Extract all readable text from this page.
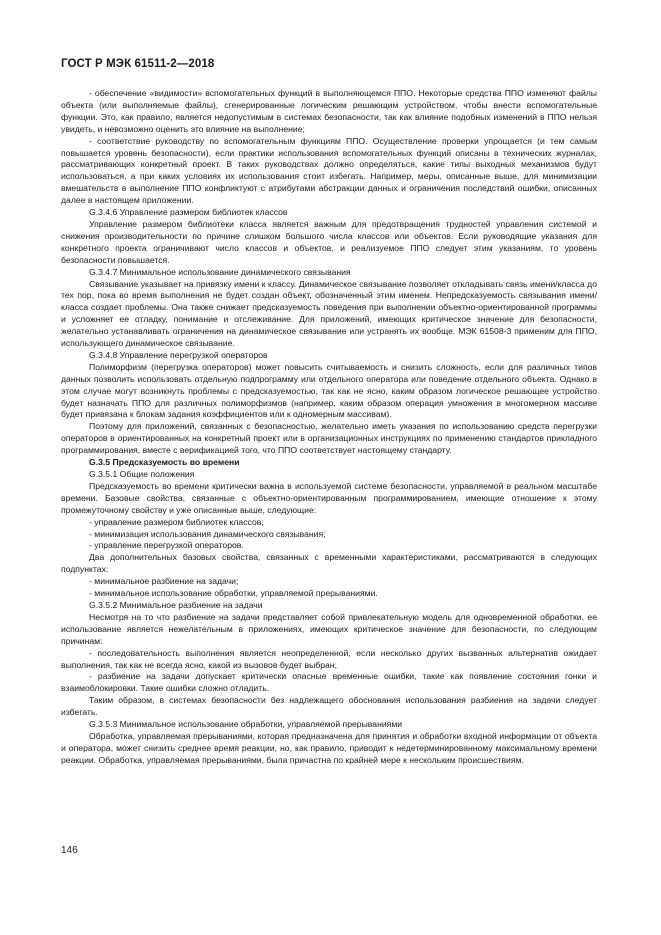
ГОСТ Р МЭК 61511-2—2018

- обеспечение «видимости» вспомогательных функций в выполняющемся ППО. Некоторые средства ППО изменяют файлы объекта (или выполняемые файлы), сгенерированные логическим решающим устройством, чтобы внести вспомогательные функции. Это, как правило, является недопустимым в системах безопасности, так как влияние подобных изменений в ППО нельзя увидеть, и невозможно оценить это влияние на выполнение;

- соответствие руководству по вспомогательным функциям ППО. Осуществление проверки упрощается (и тем самым повышается уровень безопасности), если практики использования вспомогательных функций описаны в технических журналах, рассматривающих конкретный проект. В таких руководствах должно определяться, какие типы выходных механизмов будут использоваться, а при каких условиях их использования стоит избегать. Например, меры, описанные выше, для минимизации вмешательств в выполнение ППО конфликтуют с атрибутами абстракции данных и ограничения последствий ошибки, описанных далее в настоящем приложении.

G.3.4.6 Управление размером библиотек классов

Управление размером библиотеки класса является важным для предотвращения трудностей управления системой и снижения производительности по причине слишком большого числа классов или объектов. Если руководящие указания для конкретного проекта ограничивают число классов и объектов, и реализуемое ППО следует этим указаниям, то уровень безопасности повышается.

G.3.4.7 Минимальное использование динамического связывания

Связывание указывает на привязку имени к классу. Динамическое связывание позволяет откладывать связь имени/класса до тех пор, пока во время выполнения не будет создан объект, обозначенный этим именем. Непредсказуемость связывания имени/класса создает проблемы. Она также снижает предсказуемость поведения при выполнении объектно-ориентированной программы и усложняет ее отладку, понимание и отслеживание. Для приложений, имеющих критическое значение для безопасности, желательно устанавливать ограничения на динамическое связывание или устранять их вообще. МЭК 61508-3 применим для ППО, использующего динамическое связывание.

G.3.4.8 Управление перегрузкой операторов

Полиморфизм (перегрузка операторов) может повысить считываемость и снизить сложность, если для различных типов данных позволить использовать отдельную подпрограмму или отдельного оператора или поведение отдельного объекта. Однако в этом случае могут возникнуть проблемы с предсказуемостью, так как не ясно, каким образом логическое решающее устройство будет назначать ППО для различных полиморфизмов (например, каким образом операция умножения в многомерном массиве будет привязана к блокам задания коэффициентов или к одномерным массивам).

Поэтому для приложений, связанных с безопасностью, желательно иметь указания по использованию средств перегрузки операторов в ориентированных на конкретный проект или в организационных инструкциях по применению стандартов прикладного программирования, вместе с верификацией того, что ППО соответствует настоящему стандарту.

G.3.5 Предсказуемость во времени

G.3.5.1 Общие положения

Предсказуемость во времени критически важна в используемой системе безопасности, управляемой в реальном масштабе времени. Базовые свойства, связанные с объектно-ориентированным программированием, имеющие отношение к этому промежуточному свойству и уже описанные выше, следующие:

- управление размером библиотек классов;

- минимизация использования динамического связывания;

- управление перегрузкой операторов.

Два дополнительных базовых свойства, связанных с временными характеристиками, рассматриваются в следующих подпунктах:

- минимальное разбиение на задачи;

- минимальное использование обработки, управляемой прерываниями.

G.3.5.2 Минимальное разбиение на задачи

Несмотря на то что разбиение на задачи представляет собой привлекательную модель для одновременной обработки, ее использование является нежелательным в приложениях, имеющих критическое значение для безопасности, по следующим причинам:

- последовательность выполнения является неопределенной, если несколько других вызванных альтернатив ожидает выполнения, так как не всегда ясно, какой из вызовов будет выбран;

- разбиение на задачи допускает критически опасные временные ошибки, такие как появление состояния гонки и взаимоблокировки. Такие ошибки сложно отладить.

Таким образом, в системах безопасности без надлежащего обоснования использования разбиения на задачи следует избегать.

G.3.5.3 Минимальное использование обработки, управляемой прерываниями

Обработка, управляемая прерываниями, которая предназначена для принятия и обработки входной информации от объекта и оператора, может снизить среднее время реакции, но, как правило, приводит к недетерминированному максимальному времени реакции. Обработка, управляемая прерываниями, была причастна по крайней мере к нескольким происшествиям.

146
